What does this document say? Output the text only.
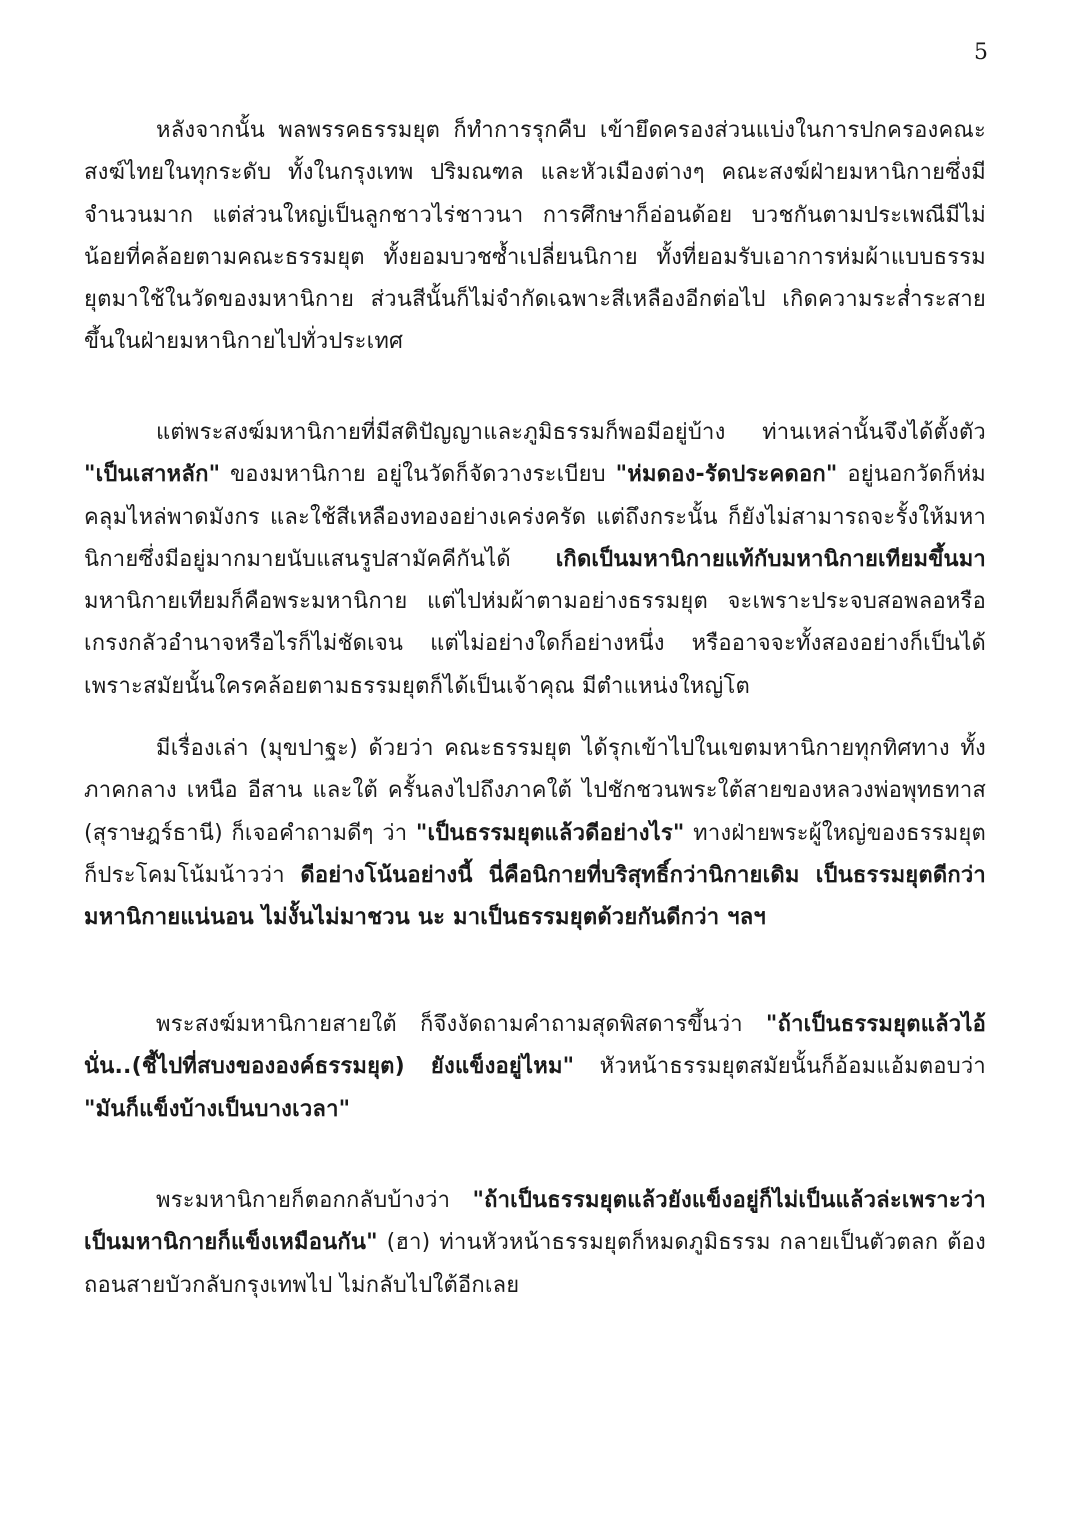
5

หลังจากนั้น พลพรรคธรรมยุต ก็ทำการรุกคืบ เข้ายึดครองส่วนแบ่งในการปกครองคณะสงฆ์ไทยในทุกระดับ ทั้งในกรุงเทพ ปริมณฑล และหัวเมืองต่างๆ คณะสงฆ์ฝ่ายมหานิกายซึ่งมีจำนวนมาก แต่ส่วนใหญ่เป็นลูกชาวไร่ชาวนา การศึกษาก็อ่อนด้อย บวชกันตามประเพณีมีไม่น้อยที่คล้อยตามคณะธรรมยุต ทั้งยอมบวชซ้ำเปลี่ยนนิกาย ทั้งที่ยอมรับเอาการห่มผ้าแบบธรรมยุตมาใช้ในวัดของมหานิกาย ส่วนสีนั้นก็ไม่จำกัดเฉพาะสีเหลืองอีกต่อไป เกิดความระส่ำระสายขึ้นในฝ่ายมหานิกายไปทั่วประเทศ

แต่พระสงฆ์มหานิกายที่มีสติปัญญาและภูมิธรรมก็พอมีอยู่บ้าง ท่านเหล่านั้นจึงได้ตั้งตัว "เป็นเสาหลัก" ของมหานิกาย อยู่ในวัดก็จัดวางระเบียบ "ห่มดอง-รัดประคดอก" อยู่นอกวัดก็ห่มคลุมไหล่พาดมังกร และใช้สีเหลืองทองอย่างเคร่งครัด แต่ถึงกระนั้น ก็ยังไม่สามารถจะรั้งให้มหานิกายซึ่งมีอยู่มากมายนับแสนรูปสามัคคีกันได้ เกิดเป็นมหานิกายแท้กับมหานิกายเทียมขึ้นมา มหานิกายเทียมก็คือพระมหานิกาย แต่ไปห่มผ้าตามอย่างธรรมยุต จะเพราะประจบสอพลอหรือเกรงกลัวอำนาจหรือไรก็ไม่ชัดเจน แต่ไม่อย่างใดก็อย่างหนึ่ง หรืออาจจะทั้งสองอย่างก็เป็นได้ เพราะสมัยนั้นใครคล้อยตามธรรมยุตก็ได้เป็นเจ้าคุณ มีตำแหน่งใหญ่โต

มีเรื่องเล่า (มุขปาฐะ) ด้วยว่า คณะธรรมยุต ได้รุกเข้าไปในเขตมหานิกายทุกทิศทาง ทั้งภาคกลาง เหนือ อีสาน และใต้ ครั้นลงไปถึงภาคใต้ ไปชักชวนพระใต้สายของหลวงพ่อพุทธทาส (สุราษฎร์ธานี) ก็เจอคำถามดีๆ ว่า "เป็นธรรมยุตแล้วดีอย่างไร" ทางฝ่ายพระผู้ใหญ่ของธรรมยุตก็ประโคมโน้มน้าวว่า ดีอย่างโน้นอย่างนี้ นี่คือนิกายที่บริสุทธิ์กว่านิกายเดิม เป็นธรรมยุตดีกว่ามหานิกายแน่นอน ไม่งั้นไม่มาชวน นะ มาเป็นธรรมยุตด้วยกันดีกว่า ฯลฯ

พระสงฆ์มหานิกายสายใต้ ก็จึงงัดถามคำถามสุดพิสดารขึ้นว่า "ถ้าเป็นธรรมยุตแล้วไอ้นั่น..(ชี้ไปที่สบงขององค์ธรรมยุต) ยังแข็งอยู่ไหม" หัวหน้าธรรมยุตสมัยนั้นก็อ้อมแอ้มตอบว่า "มันก็แข็งบ้างเป็นบางเวลา"

พระมหานิกายก็ตอกกลับบ้างว่า "ถ้าเป็นธรรมยุตแล้วยังแข็งอยู่ก็ไม่เป็นแล้วล่ะเพราะว่าเป็นมหานิกายก็แข็งเหมือนกัน" (ฮา) ท่านหัวหน้าธรรมยุตก็หมดภูมิธรรม กลายเป็นตัวตลก ต้องถอนสายบัวกลับกรุงเทพไป ไม่กลับไปใต้อีกเลย
